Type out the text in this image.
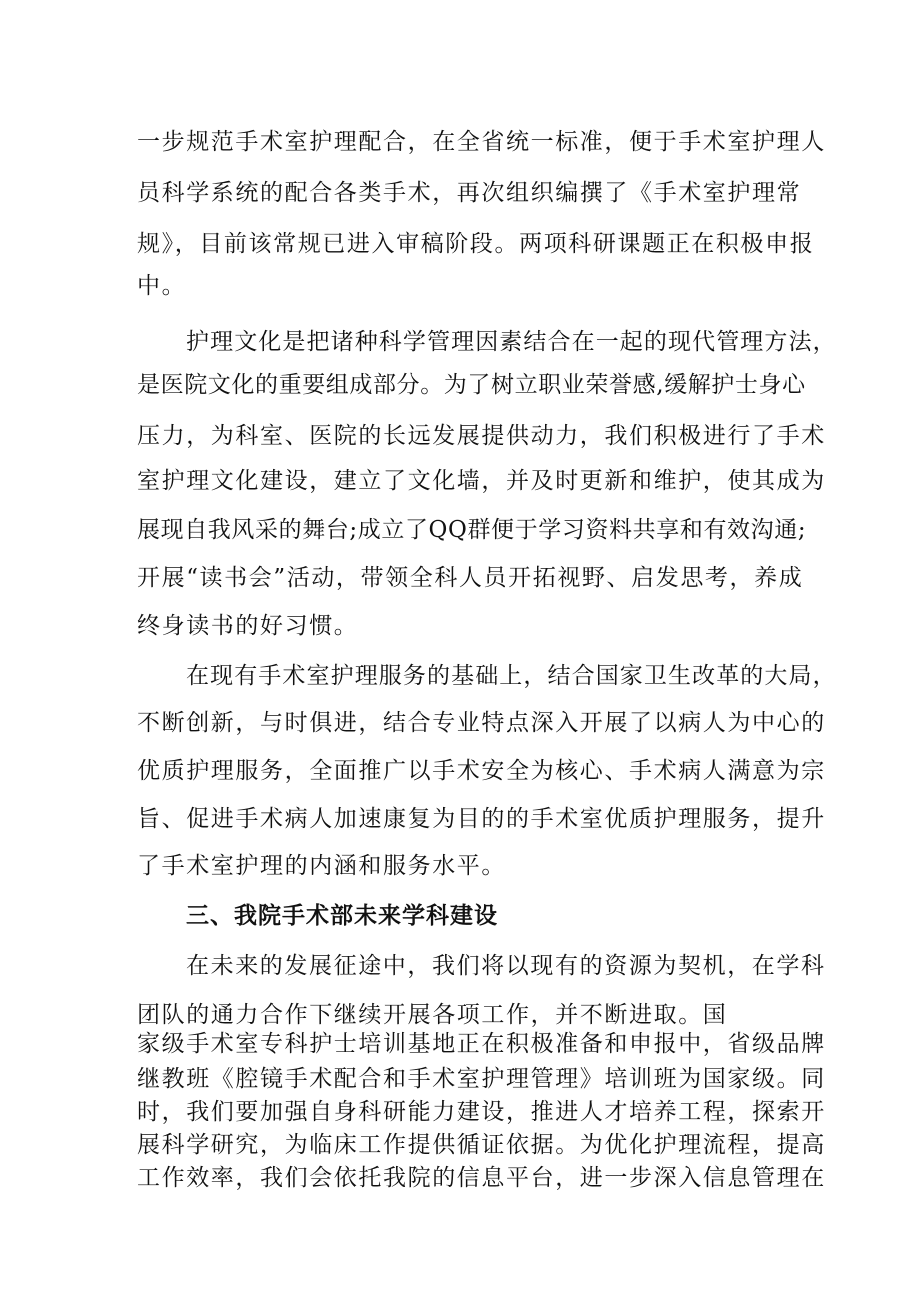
一步规范手术室护理配合，在全省统一标准，便于手术室护理人
员科学系统的配合各类手术，再次组织编撰了《手术室护理常
规》，目前该常规已进入审稿阶段。两项科研课题正在积极申报
中。
护理文化是把诸种科学管理因素结合在一起的现代管理方法，
是医院文化的重要组成部分。为了树立职业荣誉感,缓解护士身心
压力，为科室、医院的长远发展提供动力，我们积极进行了手术
室护理文化建设，建立了文化墙，并及时更新和维护，使其成为
展现自我风采的舞台;成立了QQ群便于学习资料共享和有效沟通;
开展“读书会”活动，带领全科人员开拓视野、启发思考，养成
终身读书的好习惯。
在现有手术室护理服务的基础上，结合国家卫生改革的大局，
不断创新，与时俱进，结合专业特点深入开展了以病人为中心的
优质护理服务，全面推广以手术安全为核心、手术病人满意为宗
旨、促进手术病人加速康复为目的的手术室优质护理服务，提升
了手术室护理的内涵和服务水平。
三、我院手术部未来学科建设
在未来的发展征途中，我们将以现有的资源为契机，在学科
团队的通力合作下继续开展各项工作，并不断进取。国
家级手术室专科护士培训基地正在积极准备和申报中，省级品牌
继教班《腔镜手术配合和手术室护理管理》培训班为国家级。同
时，我们要加强自身科研能力建设，推进人才培养工程，探索开
展科学研究，为临床工作提供循证依据。为优化护理流程，提高
工作效率，我们会依托我院的信息平台，进一步深入信息管理在
